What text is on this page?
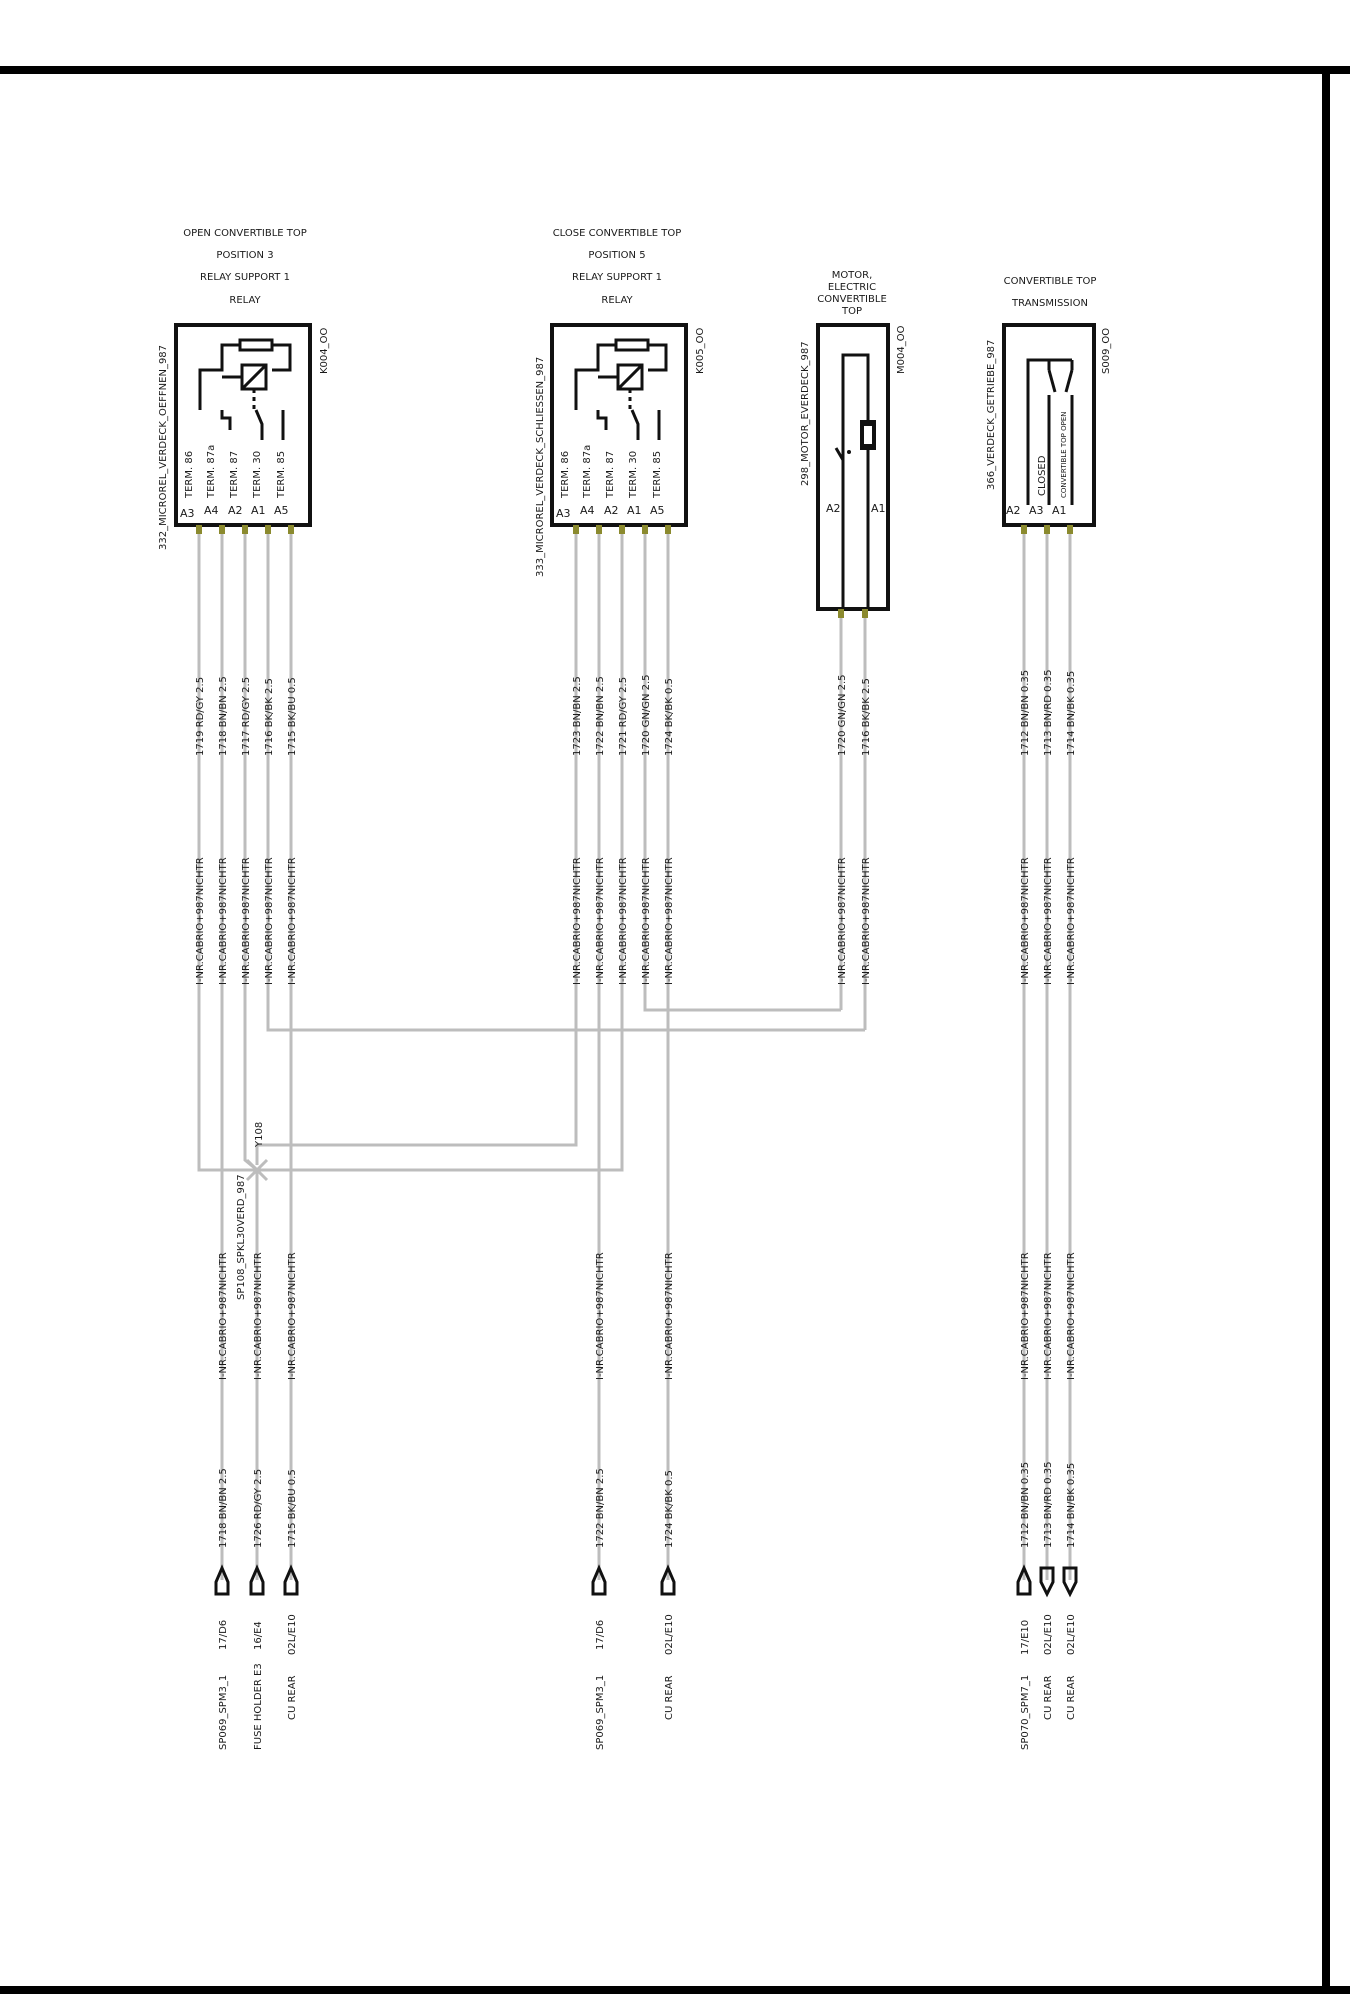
OPEN CONVERTIBLE TOP
POSITION 3
RELAY SUPPORT 1
RELAY
332_MICROREL_VERDECK_OEFFNEN_987	K004_OO
TERM. 86 TERM. 87a TERM. 87 TERM. 30 TERM. 85
A3 A4 A2 A1 A5
CLOSE CONVERTIBLE TOP
POSITION 5
RELAY SUPPORT 1
RELAY
333_MICROREL_VERDECK_SCHLIESSEN_987
K005_OO
TERM. 86 TERM. 87a TERM. 87 TERM. 30 TERM. 85
A3 A4 A2 A1 A5
MOTOR,
ELECTRIC
CONVERTIBLE
TOP
298_MOTOR_EVERDECK_987	M004_OO
A2	A1
CONVERTIBLE TOP
TRANSMISSION
366_VERDECK_GETRIEBE_987	S009_OO
CLOSED CONVERTIBLE TOP OPEN
A2 A3 A1
1719 RD/GY 2.5 1718 BN/BN 2.5 1717 RD/GY 2.5 1716 BK/BK 2.5 1715 BK/BU 0.5	1723 BN/BN 2.5 1722 BN/BN 2.5 1721 RD/GY 2.5 1720 GN/GN 2.5 1724 BK/BK 0.5	1720 GN/GN 2.5 1716 BK/BK 2.5	1712 BN/BN 0.35 1713 BN/RD 0.35 1714 BN/BK 0.35
I-NR.CABRIO+987NICHTR I-NR.CABRIO+987NICHTR I-NR.CABRIO+987NICHTR I-NR.CABRIO+987NICHTR I-NR.CABRIO+987NICHTR	I-NR.CABRIO+987NICHTR I-NR.CABRIO+987NICHTR I-NR.CABRIO+987NICHTR I-NR.CABRIO+987NICHTR I-NR.CABRIO+987NICHTR	I-NR.CABRIO+987NICHTR I-NR.CABRIO+987NICHTR	I-NR.CABRIO+987NICHTR I-NR.CABRIO+987NICHTR I-NR.CABRIO+987NICHTR
Y108
SP108_SPKL30VERD_987
I-NR.CABRIO+987NICHTR I-NR.CABRIO+987NICHTR I-NR.CABRIO+987NICHTR	I-NR.CABRIO+987NICHTR	I-NR.CABRIO+987NICHTR	I-NR.CABRIO+987NICHTR I-NR.CABRIO+987NICHTR I-NR.CABRIO+987NICHTR
1718 BN/BN 2.5 1726 RD/GY 2.5 1715 BK/BU 0.5	1722 BN/BN 2.5	1724 BK/BK 0.5	1712 BN/BN 0.35 1713 BN/RD 0.35 1714 BN/BK 0.35
17/D6 16/E4 02L/E10	17/D6	02L/E10	17/E10 02L/E10 02L/E10
SP069_SPM3_1 FUSE HOLDER E3 CU REAR	SP069_SPM3_1	CU REAR	SP070_SPM7_1 CU REAR CU REAR
